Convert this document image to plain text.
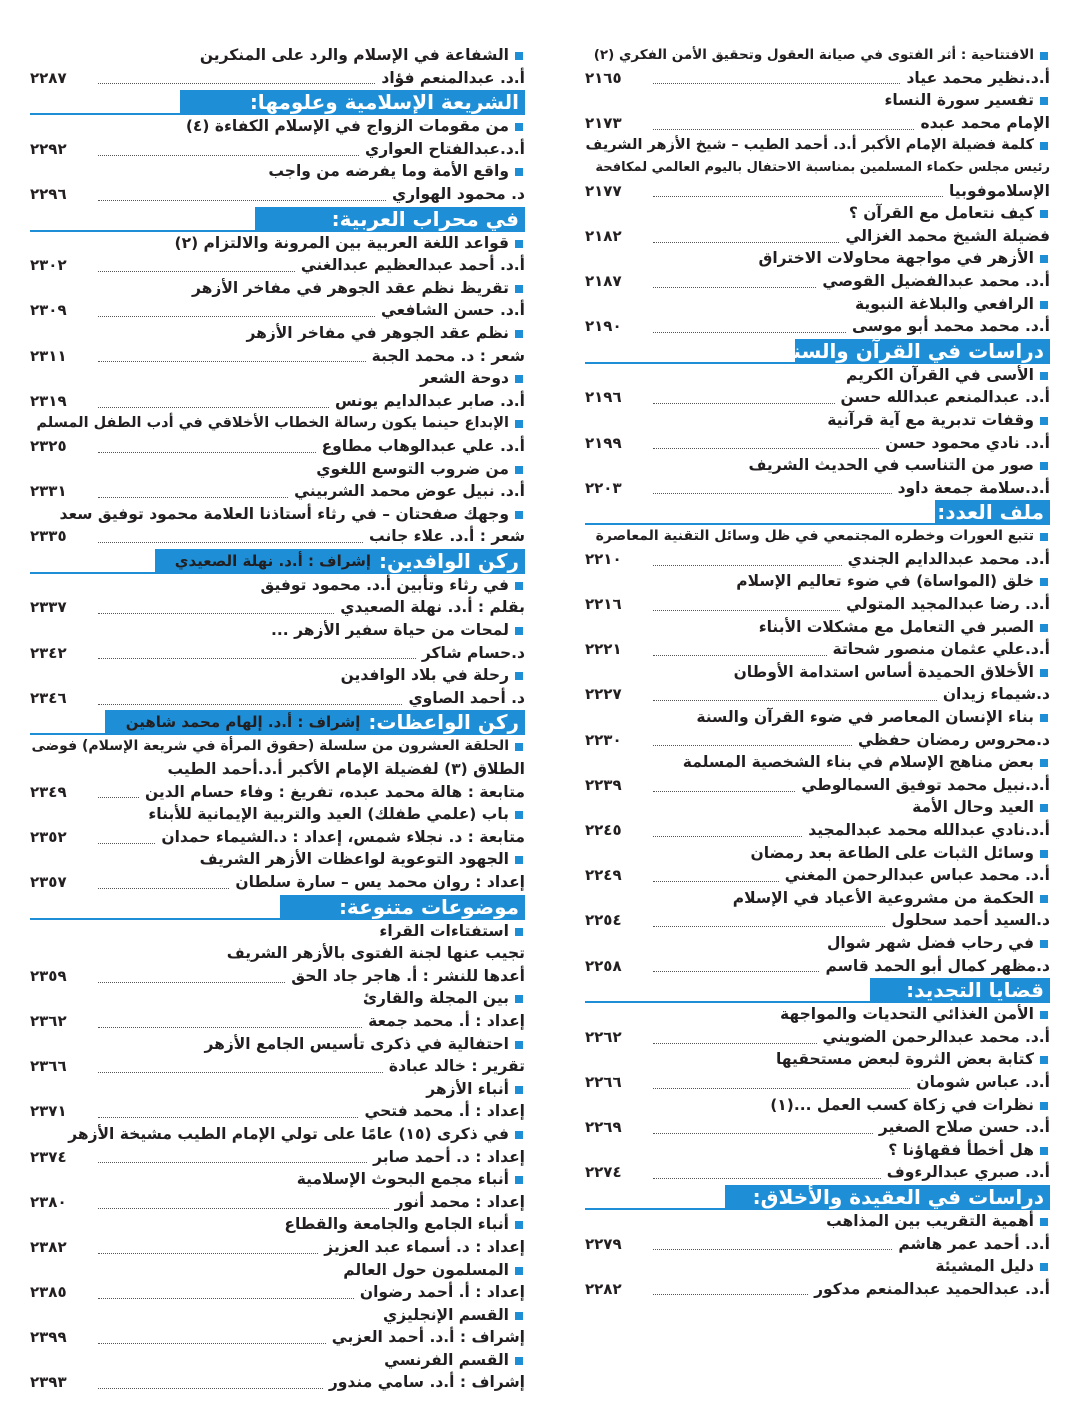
الافتتاحية : أثر الفتوى في صيانة العقول وتحقيق الأمن الفكري (٢)
أ.د.نظير محمد عياد
٢١٦٥
تفسير سورة النساء
الإمام محمد عبده
٢١٧٣
كلمة فضيلة الإمام الأكبر أ.د. أحمد الطيب – شيخ الأزهر الشريف
رئيس مجلس حكماء المسلمين بمناسبة الاحتفال باليوم العالمي لمكافحة
الإسلاموفوبيا
٢١٧٧
كيف نتعامل مع القرآن ؟
فضيلة الشيخ محمد الغزالي
٢١٨٢
الأزهر في مواجهة محاولات الاختراق
أ.د. محمد عبدالفضيل القوصي
٢١٨٧
الرافعي والبلاغة النبوية
أ.د. محمد محمد أبو موسى
٢١٩٠
دراسات في القرآن والسنة:
الأسى في القرآن الكريم
أ.د. عبدالمنعم عبدالله حسن
٢١٩٦
وقفات تدبرية مع آية قرآنية
أ.د. نادي محمود حسن
٢١٩٩
صور من التناسب في الحديث الشريف
أ.د.سلامة جمعة داود
٢٢٠٣
ملف العدد:
تتبع العورات وخطره المجتمعي في ظل وسائل التقنية المعاصرة
أ.د. محمد عبدالدايم الجندي
٢٢١٠
خلق (المواساة) في ضوء تعاليم الإسلام
أ.د. رضا عبدالمجيد المتولي
٢٢١٦
الصبر في التعامل مع مشكلات الأبناء
أ.د.علي عثمان منصور شحاتة
٢٢٢١
الأخلاق الحميدة أساس استدامة الأوطان
د.شيماء زيدان
٢٢٢٧
بناء الإنسان المعاصر في ضوء القرآن والسنة
د.محروس رمضان حفظي
٢٢٣٠
بعض مناهج الإسلام في بناء الشخصية المسلمة
أ.د.نبيل محمد توفيق السمالوطي
٢٢٣٩
العيد وحال الأمة
أ.د.نادي عبدالله محمد عبدالمجيد
٢٢٤٥
وسائل الثبات على الطاعة بعد رمضان
أ.د. محمد عباس عبدالرحمن المغني
٢٢٤٩
الحكمة من مشروعية الأعياد في الإسلام
د.السيد أحمد سحلول
٢٢٥٤
في رحاب فضل شهر شوال
د.مظهر كمال أبو الحمد قاسم
٢٢٥٨
قضايا التجديد:
الأمن الغذائي التحديات والمواجهة
أ.د. محمد عبدالرحمن الضويني
٢٢٦٢
كتابة بعض الثروة لبعض مستحقيها
أ.د. عباس شومان
٢٢٦٦
نظرات في زكاة كسب العمل ...(١)
أ.د. حسن صلاح الصغير
٢٢٦٩
هل أخطأ فقهاؤنا ؟
أ.د. صبري عبدالرءوف
٢٢٧٤
دراسات في العقيدة والأخلاق:
أهمية التقريب بين المذاهب
أ.د. أحمد عمر هاشم
٢٢٧٩
دليل المشيئة
أ.د. عبدالحميد عبدالمنعم مدكور
٢٢٨٢
الشفاعة في الإسلام والرد على المنكرين
أ.د. عبدالمنعم فؤاد
٢٢٨٧
الشريعة الإسلامية وعلومها:
من مقومات الزواج في الإسلام الكفاءة (٤)
أ.د.عبدالفتاح العواري
٢٢٩٢
واقع الأمة وما يفرضه من واجب
د. محمود الهواري
٢٢٩٦
في محراب العربية:
قواعد اللغة العربية بين المرونة والالتزام (٢)
أ.د. أحمد عبدالعظيم عبدالغني
٢٣٠٢
تقريظ نظم عقد الجوهر في مفاخر الأزهر
أ.د. حسن الشافعي
٢٣٠٩
نظم عقد الجوهر في مفاخر الأزهر
شعر : د. محمد الجبة
٢٣١١
دوحة الشعر
أ.د. صابر عبدالدايم يونس
٢٣١٩
الإبداع حينما يكون رسالة الخطاب الأخلاقي في أدب الطفل المسلم
أ.د. علي عبدالوهاب مطاوع
٢٣٢٥
من ضروب التوسع اللغوي
أ.د. نبيل عوض محمد الشربيني
٢٣٣١
وجهك صفحتان – في رثاء أستاذنا العلامة محمود توفيق سعد
شعر : أ.د. علاء جانب
٢٣٣٥
ركن الوافدين:
إشراف : أ.د. نهلة الصعيدي
في رثاء وتأبين أ.د. محمود توفيق
بقلم : أ.د. نهلة الصعيدي
٢٣٣٧
لمحات من حياة سفير الأزهر ...
د.حسام شاكر
٢٣٤٢
رحلة في بلاد الوافدين
د. أحمد الصاوي
٢٣٤٦
ركن الواعظات:
إشراف : أ.د. إلهام محمد شاهين
الحلقة العشرون من سلسلة (حقوق المرأة في شريعة الإسلام) فوضى
الطلاق (٣) لفضيلة الإمام الأكبر أ.د.أحمد الطيب
متابعة : هالة محمد عبده، تفريغ : وفاء حسام الدين
٢٣٤٩
باب (علمي طفلك) العيد والتربية الإيمانية للأبناء
متابعة : د. نجلاء شمس، إعداد : د.الشيماء حمدان
٢٣٥٢
الجهود التوعوية لواعظات الأزهر الشريف
إعداد : روان محمد يس – سارة سلطان
٢٣٥٧
موضوعات متنوعة:
استفتاءات القراء
تجيب عنها لجنة الفتوى بالأزهر الشريف
أعدها للنشر : أ. هاجر جاد الحق
٢٣٥٩
بين المجلة والقارئ
إعداد : أ. محمد جمعة
٢٣٦٢
احتفالية في ذكرى تأسيس الجامع الأزهر
تقرير : خالد عبادة
٢٣٦٦
أنباء الأزهر
إعداد : أ. محمد فتحي
٢٣٧١
في ذكرى (١٥) عامًا على تولي الإمام الطيب مشيخة الأزهر
إعداد : د. أحمد صابر
٢٣٧٤
أنباء مجمع البحوث الإسلامية
إعداد : محمد أنور
٢٣٨٠
أنباء الجامع والجامعة والقطاع
إعداد : د. أسماء عبد العزيز
٢٣٨٢
المسلمون حول العالم
إعداد : أ. أحمد رضوان
٢٣٨٥
القسم الإنجليزي
إشراف : أ.د. أحمد العزبي
٢٣٩٩
القسم الفرنسي
إشراف : أ.د. سامي مندور
٢٣٩٣
